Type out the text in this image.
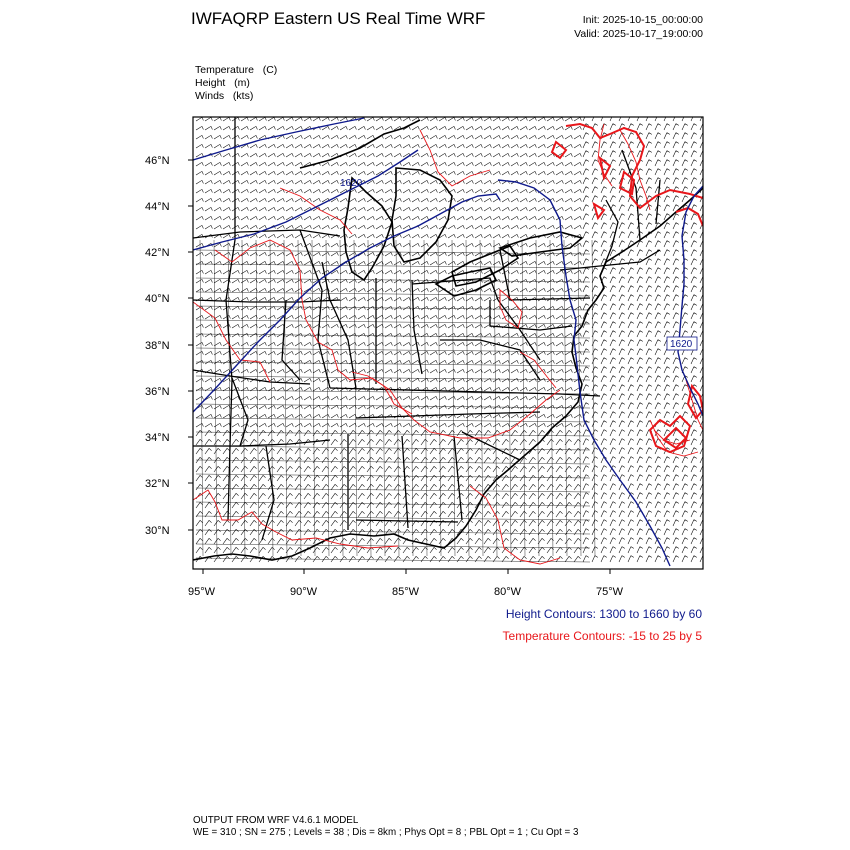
IWFAQRP Eastern US Real Time WRF	Init: 2025-10-15_00:00:00
Valid: 2025-10-17_19:00:00
Temperature   (C)
Height   (m)
Winds   (kts)
1620
1620
46°N
44°N
42°N
40°N
38°N
36°N
34°N
32°N
30°N
95°W	90°W	85°W	80°W	75°W
Height Contours: 1300 to 1660 by 60
Temperature Contours: -15 to 25 by 5
OUTPUT FROM WRF V4.6.1 MODEL
WE = 310 ; SN = 275 ; Levels = 38 ; Dis = 8km ; Phys Opt = 8 ; PBL Opt = 1 ; Cu Opt = 3
